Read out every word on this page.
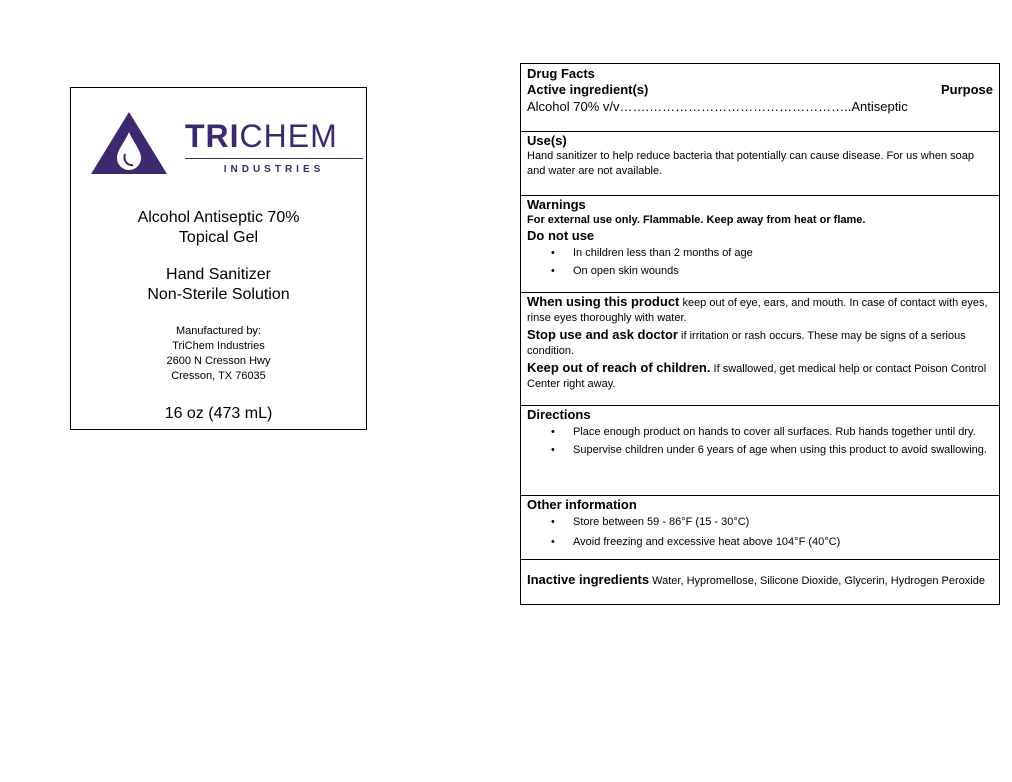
TRICHEM
INDUSTRIES

Alcohol Antiseptic 70%

Topical Gel

Hand Sanitizer

Non-Sterile Solution

Manufactured by:
TriChem Industries
2600 N Cresson Hwy
Cresson, TX 76035
16 oz (473 mL)
Drug Facts
Active ingredient(s)	Purpose
Alcohol 70% v/v…….………………………………………..Antiseptic
Use(s)
Hand sanitizer to help reduce bacteria that potentially can cause disease. For us when soap and water are not available.
Warnings
For external use only. Flammable. Keep away from heat or flame.
Do not use
• In children less than 2 months of age
• On open skin wounds
When using this product keep out of eye, ears, and mouth. In case of contact with eyes, rinse eyes thoroughly with water.
Stop use and ask doctor if irritation or rash occurs. These may be signs of a serious condition.
Keep out of reach of children. If swallowed, get medical help or contact Poison Control Center right away.
Directions
• Place enough product on hands to cover all surfaces. Rub hands together until dry.
• Supervise children under 6 years of age when using this product to avoid swallowing.
Other information
• Store between 59 - 86°F (15 - 30°C)
• Avoid freezing and excessive heat above 104°F (40°C)
Inactive ingredients Water, Hypromellose, Silicone Dioxide, Glycerin, Hydrogen Peroxide
